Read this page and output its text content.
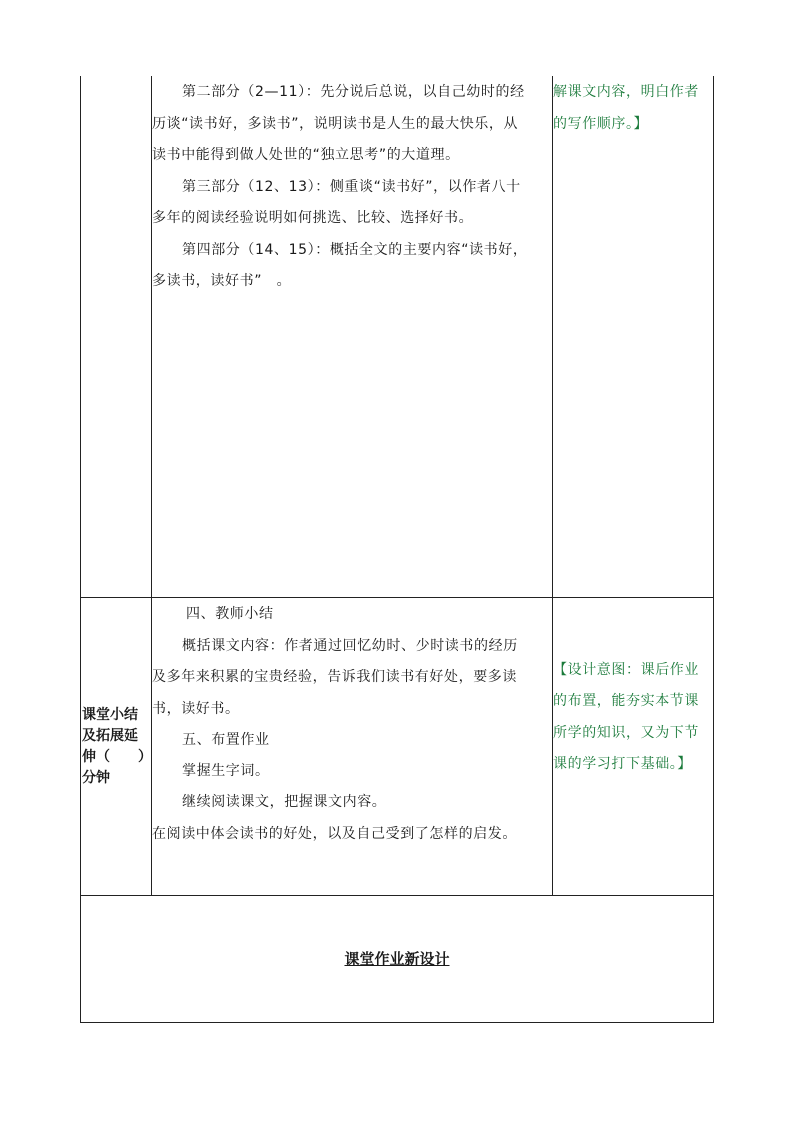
第二部分（2—11）：先分说后总说，以自己幼时的经
历谈“读书好，多读书”，说明读书是人生的最大快乐，从
读书中能得到做人处世的“独立思考”的大道理。
第三部分（12、13）：侧重谈“读书好”，以作者八十
多年的阅读经验说明如何挑选、比较、选择好书。
第四部分（14、15）：概括全文的主要内容“读书好，
多读书，读好书”　。
解课文内容，明白作者
的写作顺序。】
课堂小结
及拓展延
伸（　　）
分钟
四、教师小结
概括课文内容：作者通过回忆幼时、少时读书的经历
及多年来积累的宝贵经验，告诉我们读书有好处，要多读
书，读好书。
五、布置作业
掌握生字词。
继续阅读课文，把握课文内容。
在阅读中体会读书的好处，以及自己受到了怎样的启发。
【设计意图：课后作业
的布置，能夯实本节课
所学的知识，又为下节
课的学习打下基础。】
课堂作业新设计
